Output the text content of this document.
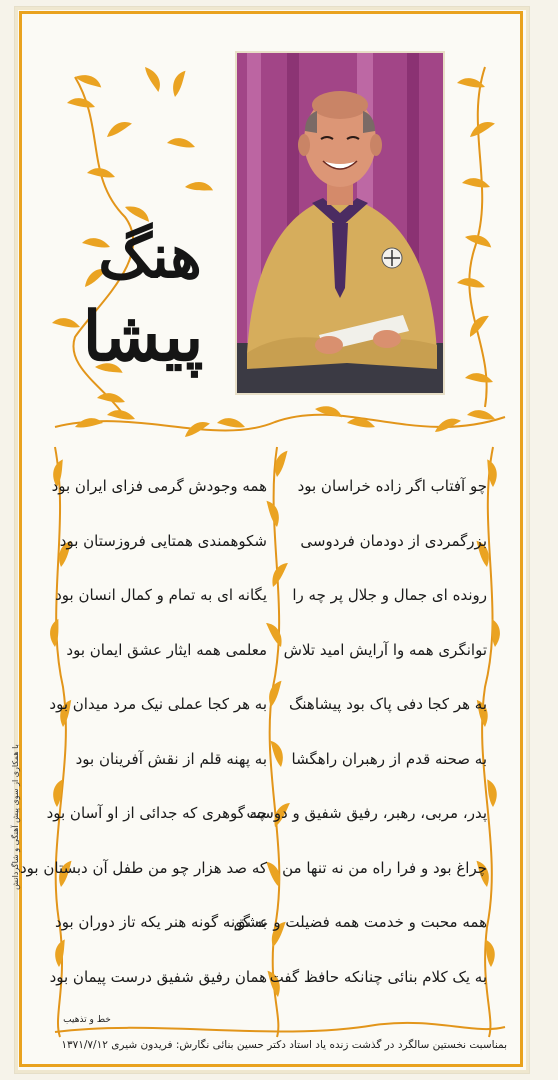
هنگ
پیشا
چو آفتاب اگر زاده خراسان بود
بزرگمردی از دودمان فردوسی
رونده ای جمال و جلال پر چه را
توانگری همه وا آرایش امید تلاش
به هر کجا دفی پاک بود پیشاهنگ
به صحنه قدم از رهبران راهگشا
پدر، مربی، رهبر، رفیق شفیق و دوست
چراغ بود و فرا راه من نه تنها من
همه محبت و خدمت همه فضیلت و عشق
به یک کلام بنائی چنانکه حافظ گفت
همه وجودش گرمی فزای ایران بود
شکوهمندی همتایی فروزستان بود
یگانه ای به تمام و کمال انسان بود
معلمی همه ایثار عشق ایمان بود
به هر کجا عملی نیک مرد میدان بود
به پهنه قلم از نقش آفرینان بود
چه گوهری که جدائی از او آسان بود
که صد هزار چو من طفل آن دبستان بود
به گونه گونه هنر یکه تاز دوران بود
همان رفیق شفیق درست پیمان بود
با همکاری از سوی پیش آهنگی و شاگردانش
خط و تذهیب
بمناسبت نخستین سالگرد در گذشت زنده یاد استاد دکتر حسین بنائی نگارش: فریدون شیری ۱۳۷۱/۷/۱۲
